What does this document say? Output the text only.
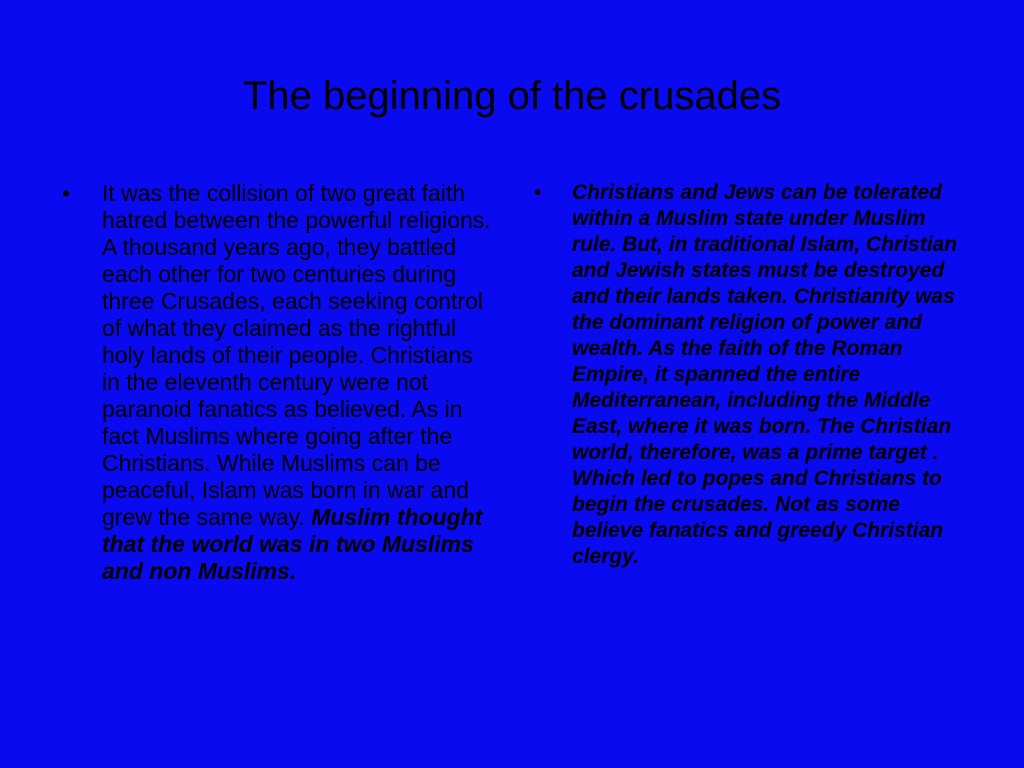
The beginning of the crusades
•	It was the collision of two great faith hatred between the powerful religions. A thousand years ago, they battled each other for two centuries during three Crusades, each seeking control of what they claimed as the rightful holy lands of their people. Christians in the eleventh century were not paranoid fanatics as believed. As in fact Muslims where going after the Christians. While Muslims can be peaceful, Islam was born in war and grew the same way. Muslim thought that the world was in two Muslims and non Muslims.
•	Christians and Jews can be tolerated within a Muslim state under Muslim rule. But, in traditional Islam, Christian and Jewish states must be destroyed and their lands taken. Christianity was the dominant religion of power and wealth. As the faith of the Roman Empire, it spanned the entire Mediterranean, including the Middle East, where it was born. The Christian world, therefore, was a prime target . Which led to popes and Christians to begin the crusades. Not as some believe fanatics and greedy Christian clergy.
